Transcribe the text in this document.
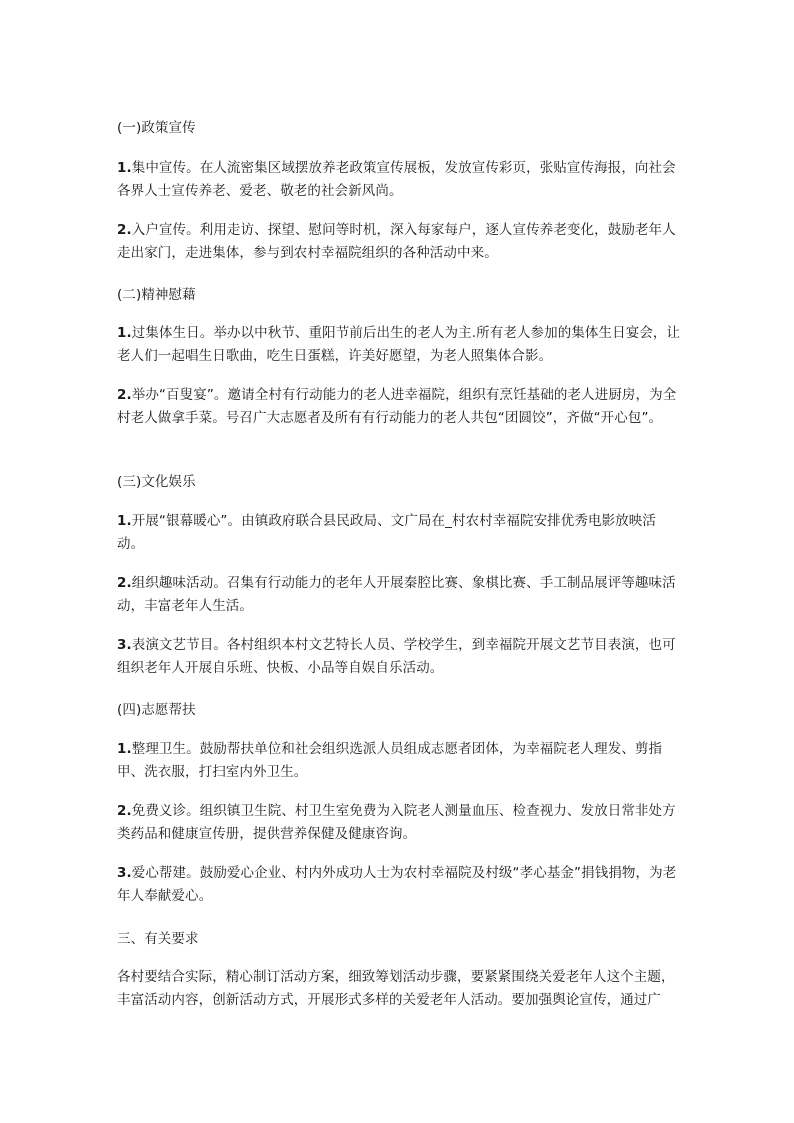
(一)政策宣传

1.集中宣传。在人流密集区域摆放养老政策宣传展板，发放宣传彩页，张贴宣传海报，向社会各界人士宣传养老、爱老、敬老的社会新风尚。

2.入户宣传。利用走访、探望、慰问等时机，深入每家每户，逐人宣传养老变化，鼓励老年人走出家门，走进集体，参与到农村幸福院组织的各种活动中来。

(二)精神慰藉

1.过集体生日。举办以中秋节、重阳节前后出生的老人为主.所有老人参加的集体生日宴会，让老人们一起唱生日歌曲，吃生日蛋糕，许美好愿望，为老人照集体合影。

2.举办“百叟宴”。邀请全村有行动能力的老人进幸福院，组织有烹饪基础的老人进厨房，为全村老人做拿手菜。号召广大志愿者及所有有行动能力的老人共包“团圆饺”，齐做“开心包”。

(三)文化娱乐

1.开展“银幕暖心”。由镇政府联合县民政局、文广局在_村农村幸福院安排优秀电影放映活动。

2.组织趣味活动。召集有行动能力的老年人开展秦腔比赛、象棋比赛、手工制品展评等趣味活动，丰富老年人生活。

3.表演文艺节目。各村组织本村文艺特长人员、学校学生，到幸福院开展文艺节目表演，也可组织老年人开展自乐班、快板、小品等自娱自乐活动。

(四)志愿帮扶

1.整理卫生。鼓励帮扶单位和社会组织选派人员组成志愿者团体，为幸福院老人理发、剪指甲、洗衣服，打扫室内外卫生。

2.免费义诊。组织镇卫生院、村卫生室免费为入院老人测量血压、检查视力、发放日常非处方类药品和健康宣传册，提供营养保健及健康咨询。

3.爱心帮建。鼓励爱心企业、村内外成功人士为农村幸福院及村级“孝心基金”捐钱捐物，为老年人奉献爱心。

三、有关要求

各村要结合实际，精心制订活动方案，细致筹划活动步骤，要紧紧围绕关爱老年人这个主题，丰富活动内容，创新活动方式，开展形式多样的关爱老年人活动。要加强舆论宣传，通过广
